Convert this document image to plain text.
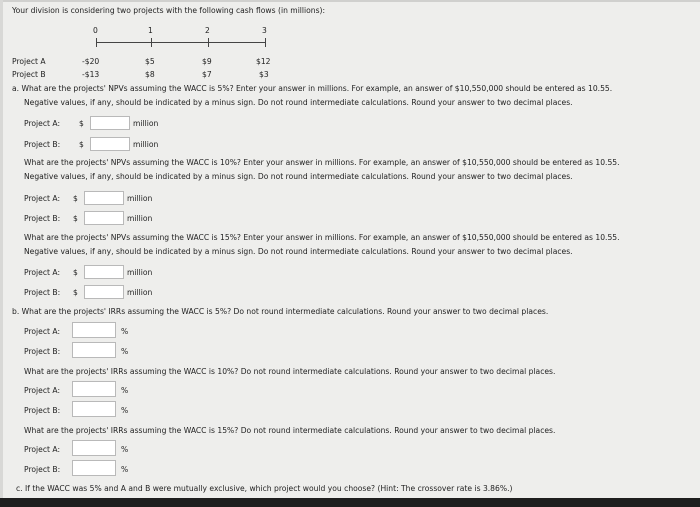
Your division is considering two projects with the following cash flows (in millions):
0	1	2	3
Project A	-$20	$5	$9	$12
Project B	-$13	$8	$7	$3
a. What are the projects' NPVs assuming the WACC is 5%? Enter your answer in millions. For example, an answer of $10,550,000 should be entered as 10.55.
Negative values, if any, should be indicated by a minus sign. Do not round intermediate calculations. Round your answer to two decimal places.
Project A: $	million
Project B: $	million
What are the projects' NPVs assuming the WACC is 10%? Enter your answer in millions. For example, an answer of $10,550,000 should be entered as 10.55.
Negative values, if any, should be indicated by a minus sign. Do not round intermediate calculations. Round your answer to two decimal places.
Project A: $	million
Project B: $	million
What are the projects' NPVs assuming the WACC is 15%? Enter your answer in millions. For example, an answer of $10,550,000 should be entered as 10.55.
Negative values, if any, should be indicated by a minus sign. Do not round intermediate calculations. Round your answer to two decimal places.
Project A: $	million
Project B: $	million
b. What are the projects' IRRs assuming the WACC is 5%? Do not round intermediate calculations. Round your answer to two decimal places.
Project A:	%
Project B:	%
What are the projects' IRRs assuming the WACC is 10%? Do not round intermediate calculations. Round your answer to two decimal places.
Project A:	%
Project B:	%
What are the projects' IRRs assuming the WACC is 15%? Do not round intermediate calculations. Round your answer to two decimal places.
Project A:	%
Project B:	%
c. If the WACC was 5% and A and B were mutually exclusive, which project would you choose? (Hint: The crossover rate is 3.86%.)
